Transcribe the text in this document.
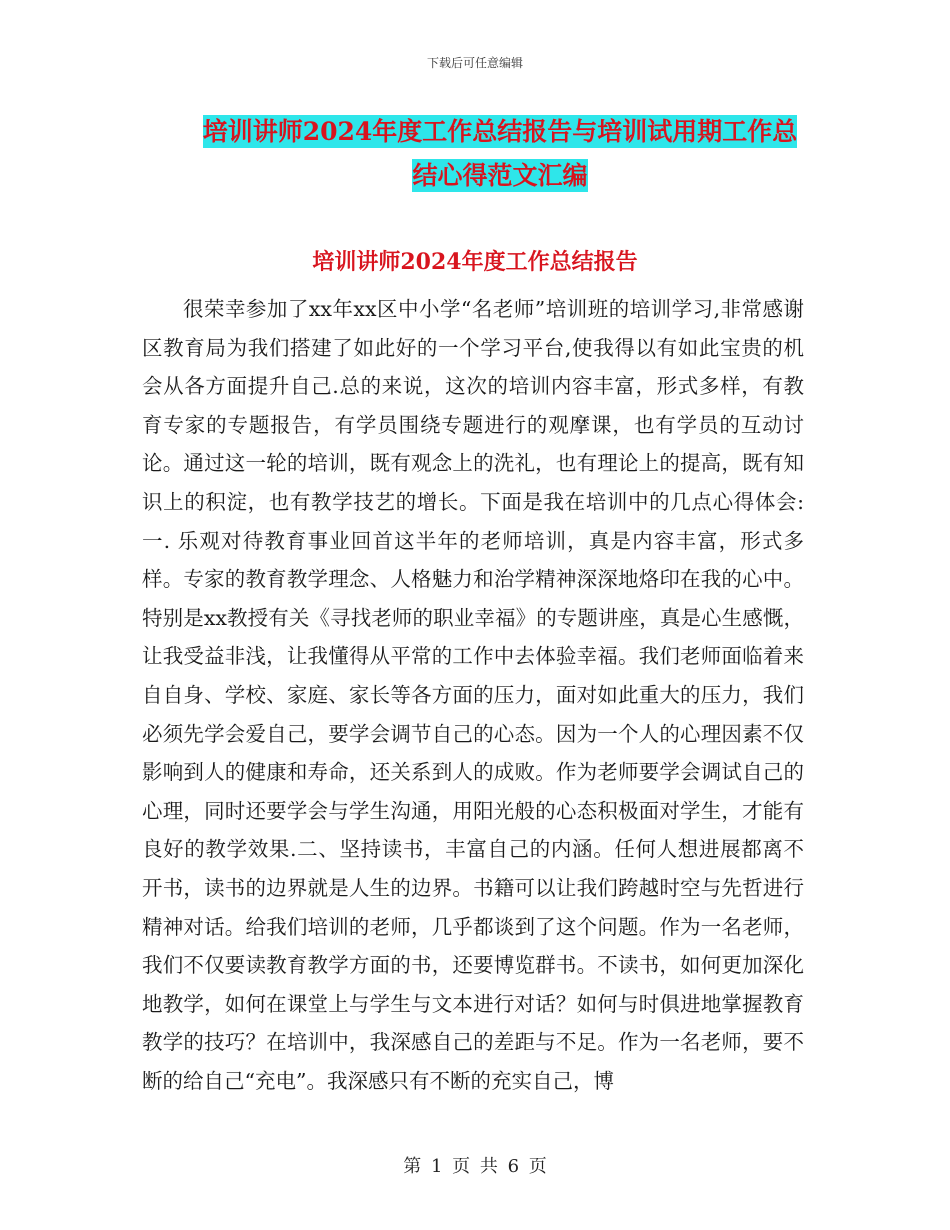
下载后可任意编辑
培训讲师2024年度工作总结报告与培训试用期工作总
结心得范文汇编
培训讲师2024年度工作总结报告

很荣幸参加了xx年xx区中小学“名老师”培训班的培训学习,非常感谢区教育局为我们搭建了如此好的一个学习平台,使我得以有如此宝贵的机会从各方面提升自己.总的来说，这次的培训内容丰富，形式多样，有教育专家的专题报告，有学员围绕专题进行的观摩课，也有学员的互动讨论。通过这一轮的培训，既有观念上的洗礼，也有理论上的提高，既有知识上的积淀，也有教学技艺的增长。下面是我在培训中的几点心得体会:一. 乐观对待教育事业回首这半年的老师培训，真是内容丰富，形式多样。专家的教育教学理念、人格魅力和治学精神深深地烙印在我的心中。特别是xx教授有关《寻找老师的职业幸福》的专题讲座，真是心生感慨，让我受益非浅，让我懂得从平常的工作中去体验幸福。我们老师面临着来自自身、学校、家庭、家长等各方面的压力，面对如此重大的压力，我们必须先学会爱自己，要学会调节自己的心态。因为一个人的心理因素不仅影响到人的健康和寿命，还关系到人的成败。作为老师要学会调试自己的心理，同时还要学会与学生沟通，用阳光般的心态积极面对学生，才能有良好的教学效果.二、坚持读书，丰富自己的内涵。任何人想进展都离不开书，读书的边界就是人生的边界。书籍可以让我们跨越时空与先哲进行精神对话。给我们培训的老师，几乎都谈到了这个问题。作为一名老师，我们不仅要读教育教学方面的书，还要博览群书。不读书，如何更加深化地教学，如何在课堂上与学生与文本进行对话？如何与时俱进地掌握教育教学的技巧？在培训中，我深感自己的差距与不足。作为一名老师，要不断的给自己“充电”。我深感只有不断的充实自己，博

第 1 页 共 6 页
